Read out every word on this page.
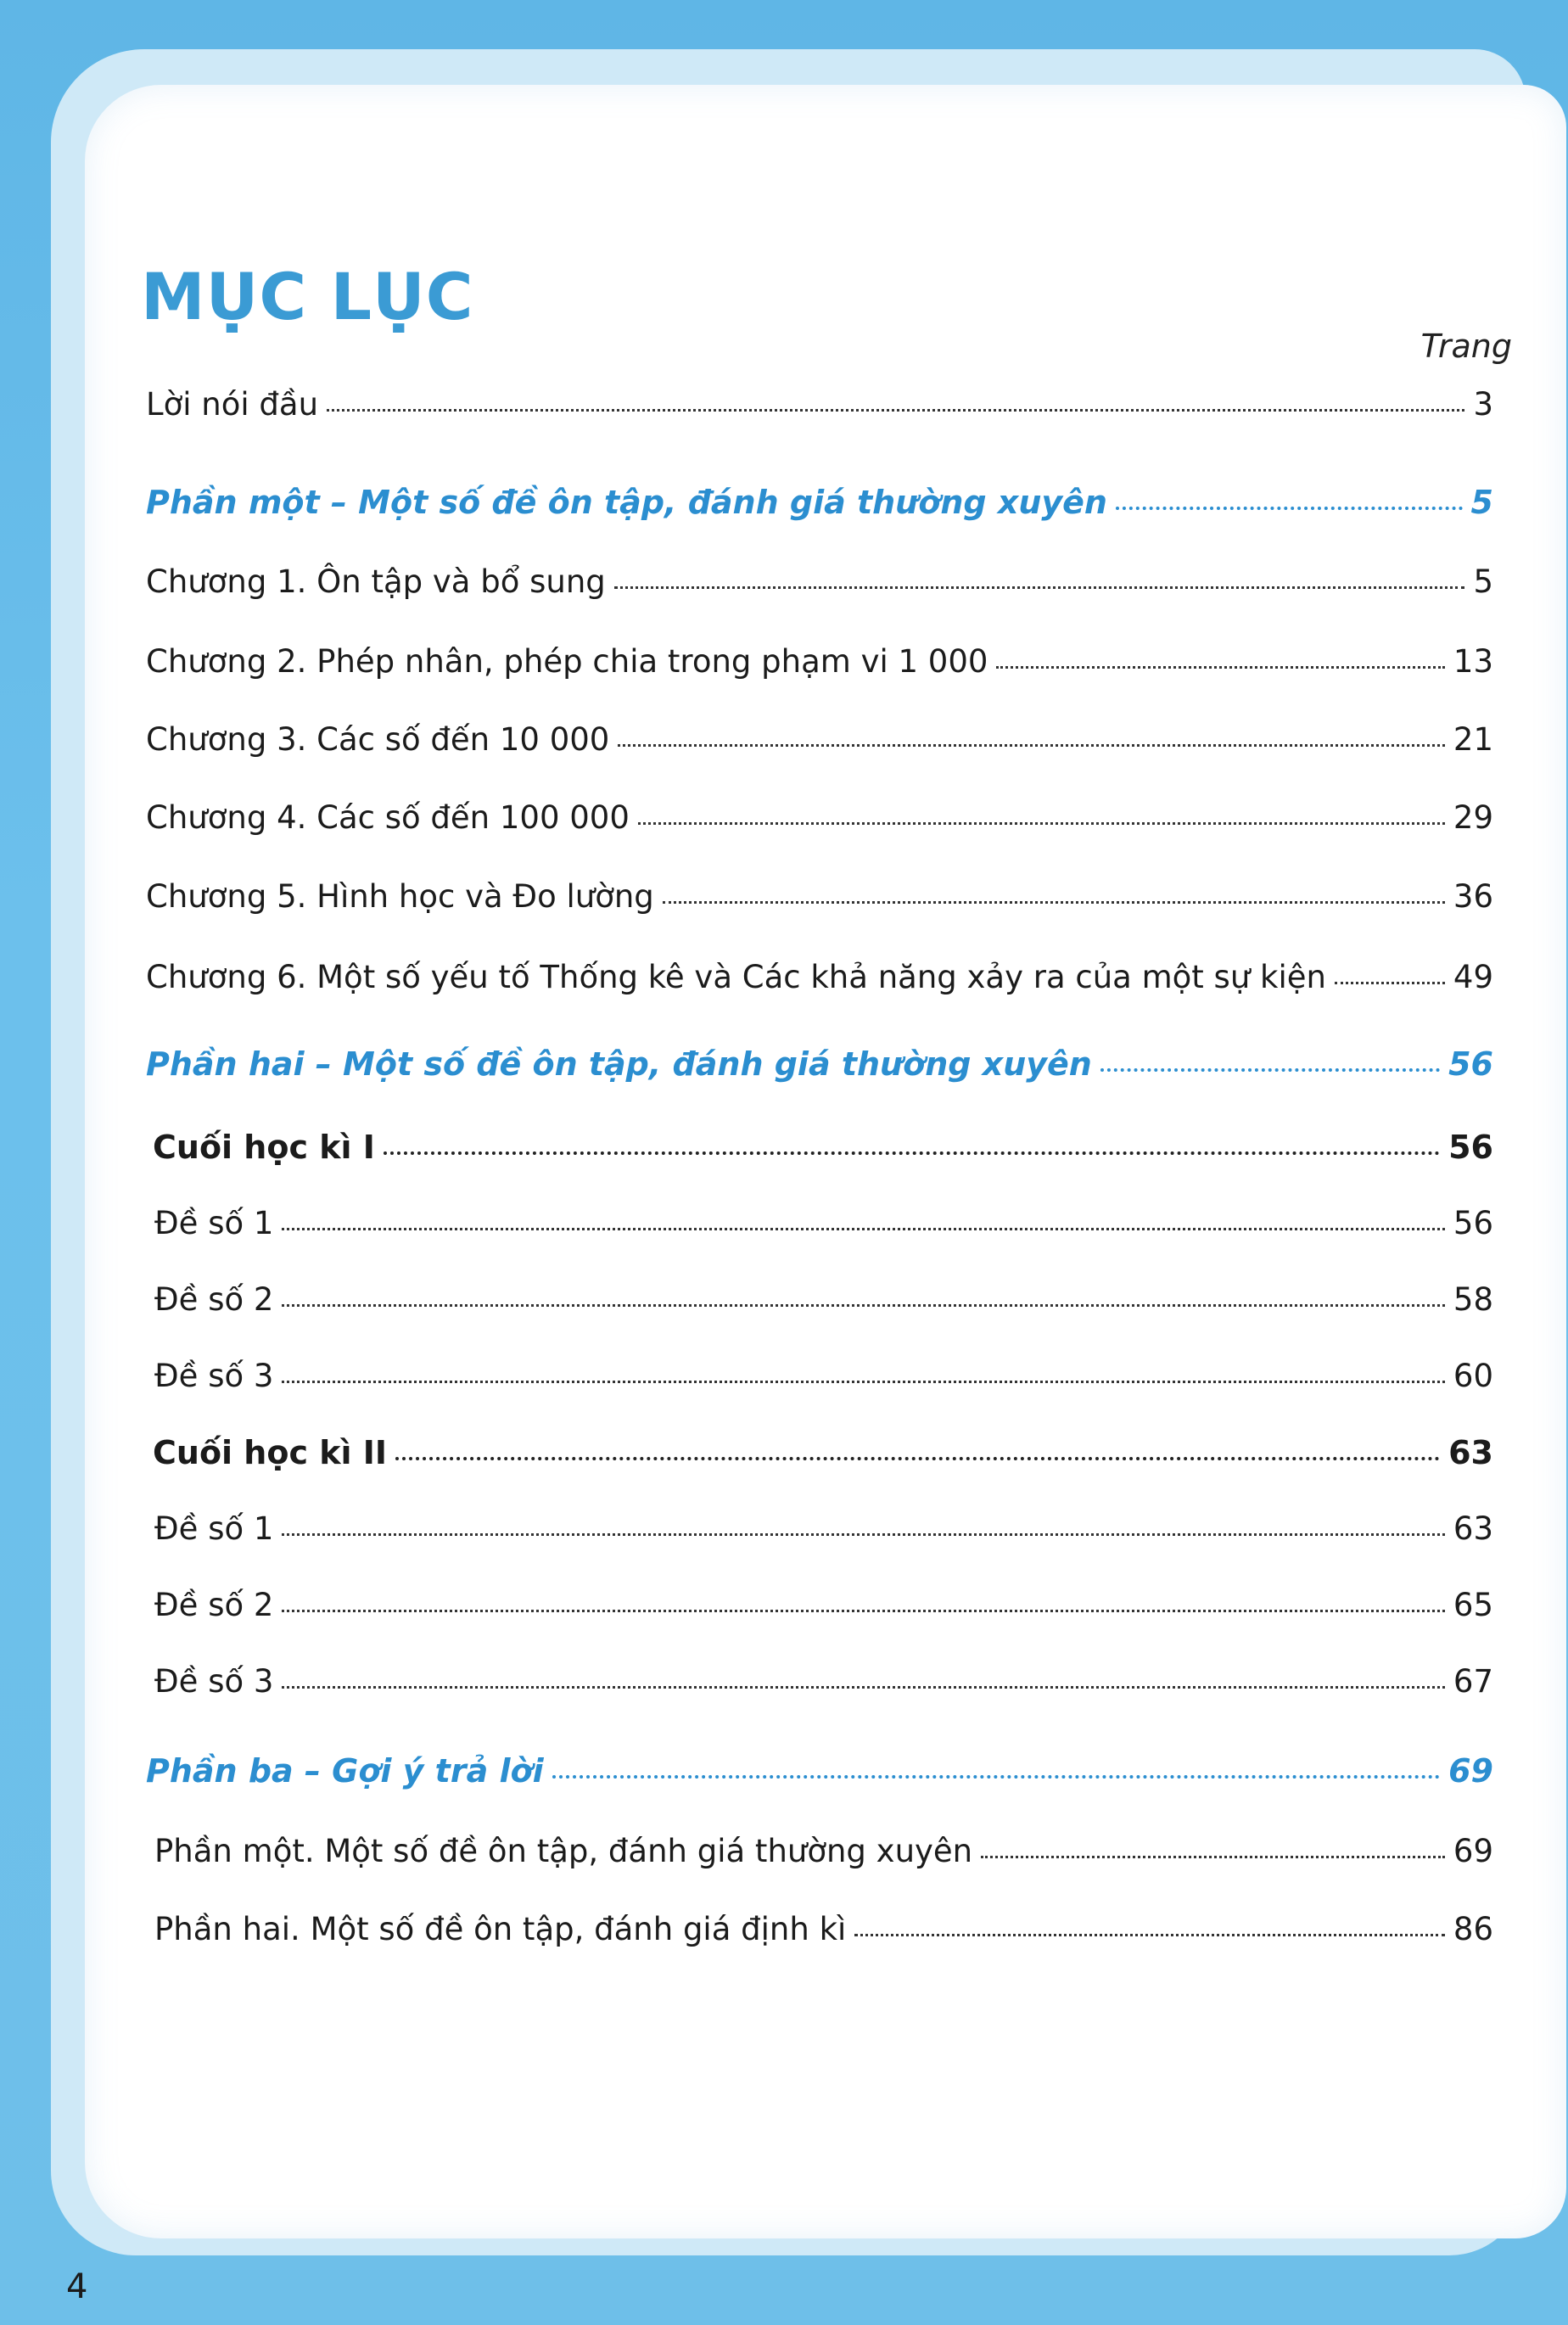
MỤC LỤC
Trang
Lời nói đầu	3
Phần một – Một số đề ôn tập, đánh giá thường xuyên	5
Chương 1. Ôn tập và bổ sung	5
Chương 2. Phép nhân, phép chia trong phạm vi 1 000	13
Chương 3. Các số đến 10 000	21
Chương 4. Các số đến 100 000	29
Chương 5. Hình học và Đo lường	36
Chương 6. Một số yếu tố Thống kê và Các khả năng xảy ra của một sự kiện	49
Phần hai – Một số đề ôn tập, đánh giá thường xuyên	56
Cuối học kì I	56
Đề số 1	56
Đề số 2	58
Đề số 3	60
Cuối học kì II	63
Đề số 1	63
Đề số 2	65
Đề số 3	67
Phần ba – Gợi ý trả lời	69
Phần một. Một số đề ôn tập, đánh giá thường xuyên	69
Phần hai. Một số đề ôn tập, đánh giá định kì	86
4
